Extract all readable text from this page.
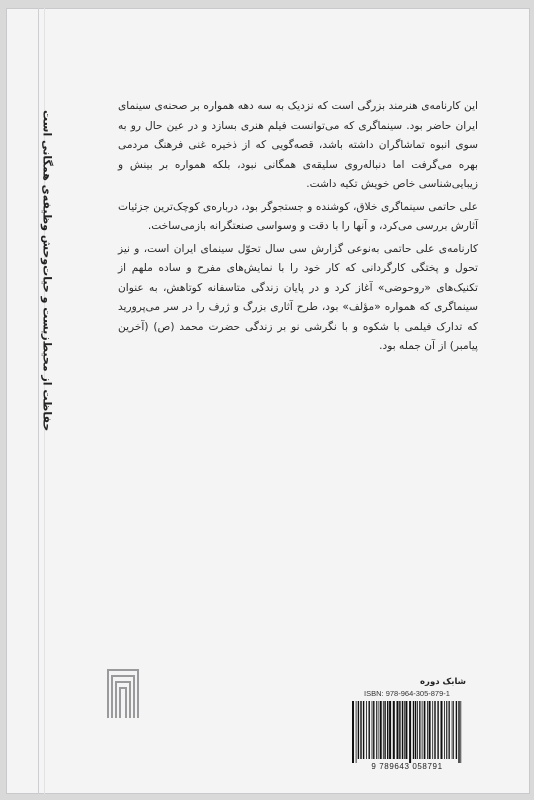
حفاظت از محیط‌زیست و حیات‌وحش وظیفه‌ی همگانی است

این کارنامه‌ی هنرمند بزرگی است که نزدیک به سه دهه همواره بر صحنه‌ی سینمای ایران حاضر بود. سینماگری که می‌توانست فیلم هنری بسازد و در عین حال رو به سوی انبوه تماشاگران داشته باشد، قصه‌گویی که از ذخیره غنی فرهنگ مردمی بهره می‌گرفت اما دنباله‌روی سلیقه‌ی همگانی نبود، بلکه همواره بر بینش و زیبایی‌شناسی خاص خویش تکیه داشت.

علی حاتمی سینماگری خلاق، کوشنده و جستجوگر بود، درباره‌ی کوچک‌ترین جزئیات آثارش بررسی می‌کرد، و آنها را با دقت و وسواسی صنعتگرانه بازمی‌ساخت.

کارنامه‌ی علی حاتمی به‌نوعی گزارش سی سال تحوّل سینمای ایران است، و نیز تحول و پختگی کارگردانی که کار خود را با نمایش‌های مفرح و ساده ملهم از تکنیک‌های «روحوضی» آغاز کرد و در پایان زندگی متاسفانه کوتاهش، به عنوان سینماگری که همواره «مؤلف» بود، طرح آثاری بزرگ و ژرف را در سر می‌پرورید که تدارک فیلمی با شکوه و با نگرشی نو بر زندگی حضرت محمد (ص) (آخرین پیامبر) از آن جمله بود.

شابک دوره
ISBN: 978-964-305-879-1
9 789643 058791
